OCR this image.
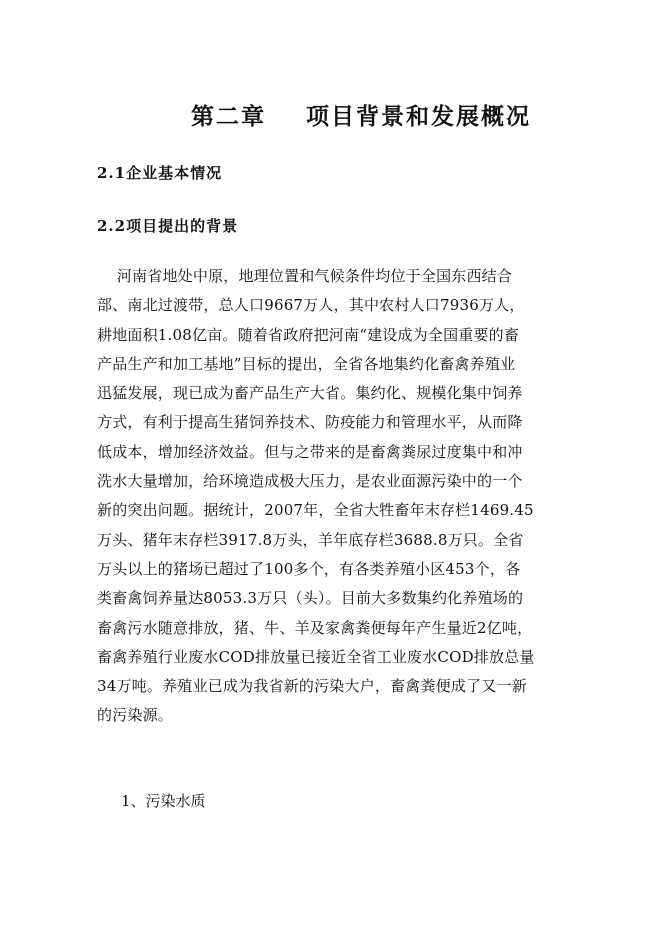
第二章    项目背景和发展概况
2.1企业基本情况
2.2项目提出的背景
河南省地处中原，地理位置和气候条件均位于全国东西结合
部、南北过渡带，总人口9667万人，其中农村人口7936万人，
耕地面积1.08亿亩。随着省政府把河南“建设成为全国重要的畜
产品生产和加工基地”目标的提出，全省各地集约化畜禽养殖业
迅猛发展，现已成为畜产品生产大省。集约化、规模化集中饲养
方式，有利于提高生猪饲养技术、防疫能力和管理水平，从而降
低成本，增加经济效益。但与之带来的是畜禽粪尿过度集中和冲
洗水大量增加，给环境造成极大压力，是农业面源污染中的一个
新的突出问题。据统计，2007年，全省大牲畜年末存栏1469.45
万头、猪年末存栏3917.8万头，羊年底存栏3688.8万只。全省
万头以上的猪场已超过了100多个，有各类养殖小区453个，各
类畜禽饲养量达8053.3万只（头）。目前大多数集约化养殖场的
畜禽污水随意排放，猪、牛、羊及家禽粪便每年产生量近2亿吨，
畜禽养殖行业废水COD排放量已接近全省工业废水COD排放总量
34万吨。养殖业已成为我省新的污染大户，畜禽粪便成了又一新
的污染源。
1、污染水质
